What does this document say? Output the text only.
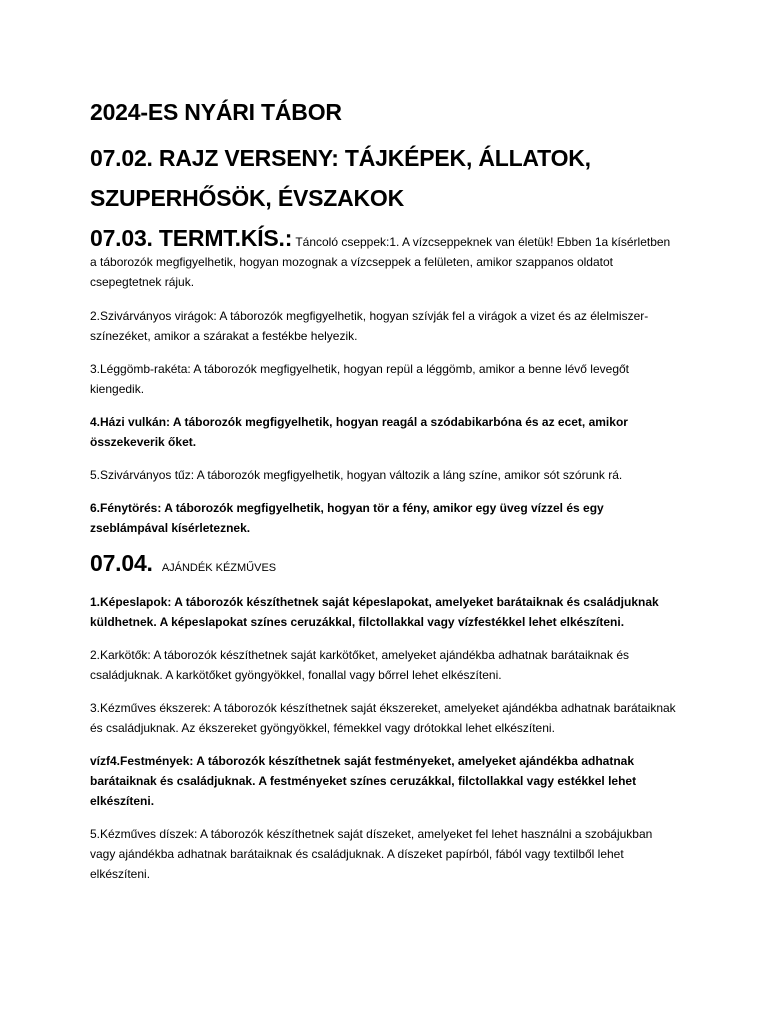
2024-ES NYÁRI TÁBOR
07.02. RAJZ VERSENY: TÁJKÉPEK, ÁLLATOK, SZUPERHŐSÖK, ÉVSZAKOK

07.03. TERMT.KÍS.: Táncoló cseppek:1. A vízcseppeknek van életük! Ebben 1a kísérletben a táborozók megfigyelhetik, hogyan mozognak a vízcseppek a felületen, amikor szappanos oldatot csepegtetnek rájuk.

2.Szivárványos virágok: A táborozók megfigyelhetik, hogyan szívják fel a virágok a vizet és az élelmiszer-színezéket, amikor a szárakat a festékbe helyezik.

3.Léggömb-rakéta: A táborozók megfigyelhetik, hogyan repül a léggömb, amikor a benne lévő levegőt kiengedik.

4.Házi vulkán: A táborozók megfigyelhetik, hogyan reagál a szódabikarbóna és az ecet, amikor összekeverik őket.

5.Szivárványos tűz: A táborozók megfigyelhetik, hogyan változik a láng színe, amikor sót szórunk rá.

6.Fénytörés: A táborozók megfigyelhetik, hogyan tör a fény, amikor egy üveg vízzel és egy zseblámpával kísérleteznek.

07.04. AJÁNDÉK KÉZMŰVES

1.Képeslapok: A táborozók készíthetnek saját képeslapokat, amelyeket barátaiknak és családjuknak küldhetnek. A képeslapokat színes ceruzákkal, filctollakkal vagy vízfestékkel lehet elkészíteni.

2.Karkötők: A táborozók készíthetnek saját karkötőket, amelyeket ajándékba adhatnak barátaiknak és családjuknak. A karkötőket gyöngyökkel, fonallal vagy bőrrel lehet elkészíteni.

3.Kézműves ékszerek: A táborozók készíthetnek saját ékszereket, amelyeket ajándékba adhatnak barátaiknak és családjuknak. Az ékszereket gyöngyökkel, fémekkel vagy drótokkal lehet elkészíteni.

vízf4.Festmények: A táborozók készíthetnek saját festményeket, amelyeket ajándékba adhatnak barátaiknak és családjuknak. A festményeket színes ceruzákkal, filctollakkal vagy estékkel lehet elkészíteni.

5.Kézműves díszek: A táborozók készíthetnek saját díszeket, amelyeket fel lehet használni a szobájukban vagy ajándékba adhatnak barátaiknak és családjuknak. A díszeket papírból, fából vagy textilből lehet elkészíteni.
